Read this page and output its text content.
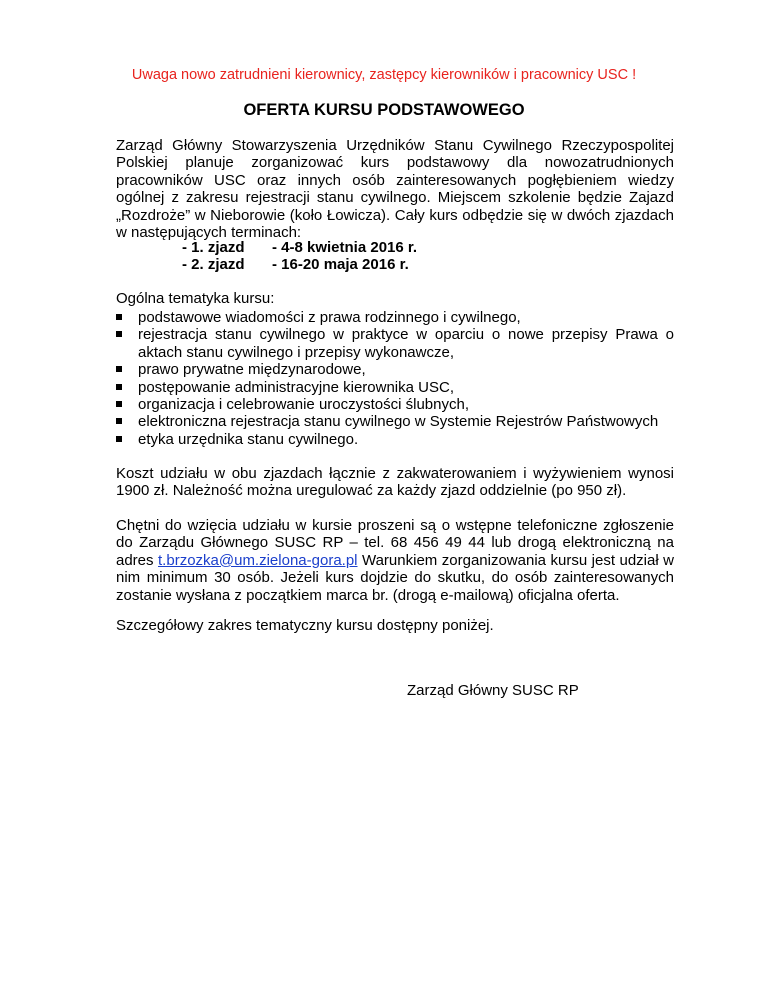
Uwaga nowo zatrudnieni kierownicy, zastępcy kierowników i pracownicy USC !
OFERTA KURSU PODSTAWOWEGO

Zarząd Główny Stowarzyszenia Urzędników Stanu Cywilnego Rzeczypospolitej Polskiej planuje zorganizować kurs podstawowy dla nowozatrudnionych pracowników USC oraz innych osób zainteresowanych pogłębieniem wiedzy ogólnej z zakresu rejestracji stanu cywilnego. Miejscem szkolenie będzie Zajazd „Rozdroże” w Nieborowie (koło Łowicza). Cały kurs odbędzie się w dwóch zjazdach w następujących terminach:

- 1. zjazd	- 4-8 kwietnia 2016 r.
- 2. zjazd	- 16-20 maja 2016 r.
Ogólna tematyka kursu:
podstawowe wiadomości z prawa rodzinnego i cywilnego,
rejestracja stanu cywilnego w praktyce w oparciu o nowe przepisy Prawa o aktach stanu cywilnego i przepisy wykonawcze,
prawo prywatne międzynarodowe,
postępowanie administracyjne kierownika USC,
organizacja i celebrowanie uroczystości ślubnych,
elektroniczna rejestracja stanu cywilnego w Systemie Rejestrów Państwowych
etyka urzędnika stanu cywilnego.

Koszt udziału w obu zjazdach łącznie z zakwaterowaniem i wyżywieniem wynosi 1900 zł. Należność można uregulować za każdy zjazd oddzielnie (po 950 zł).

Chętni do wzięcia udziału w kursie proszeni są o wstępne telefoniczne zgłoszenie do Zarządu Głównego SUSC RP – tel. 68 456 49 44 lub drogą elektroniczną na adres t.brzozka@um.zielona-gora.pl Warunkiem zorganizowania kursu jest udział w nim minimum 30 osób. Jeżeli kurs dojdzie do skutku, do osób zainteresowanych zostanie wysłana z początkiem marca br. (drogą e-mailową) oficjalna oferta.

Szczegółowy zakres tematyczny kursu dostępny poniżej.
Zarząd Główny SUSC RP
